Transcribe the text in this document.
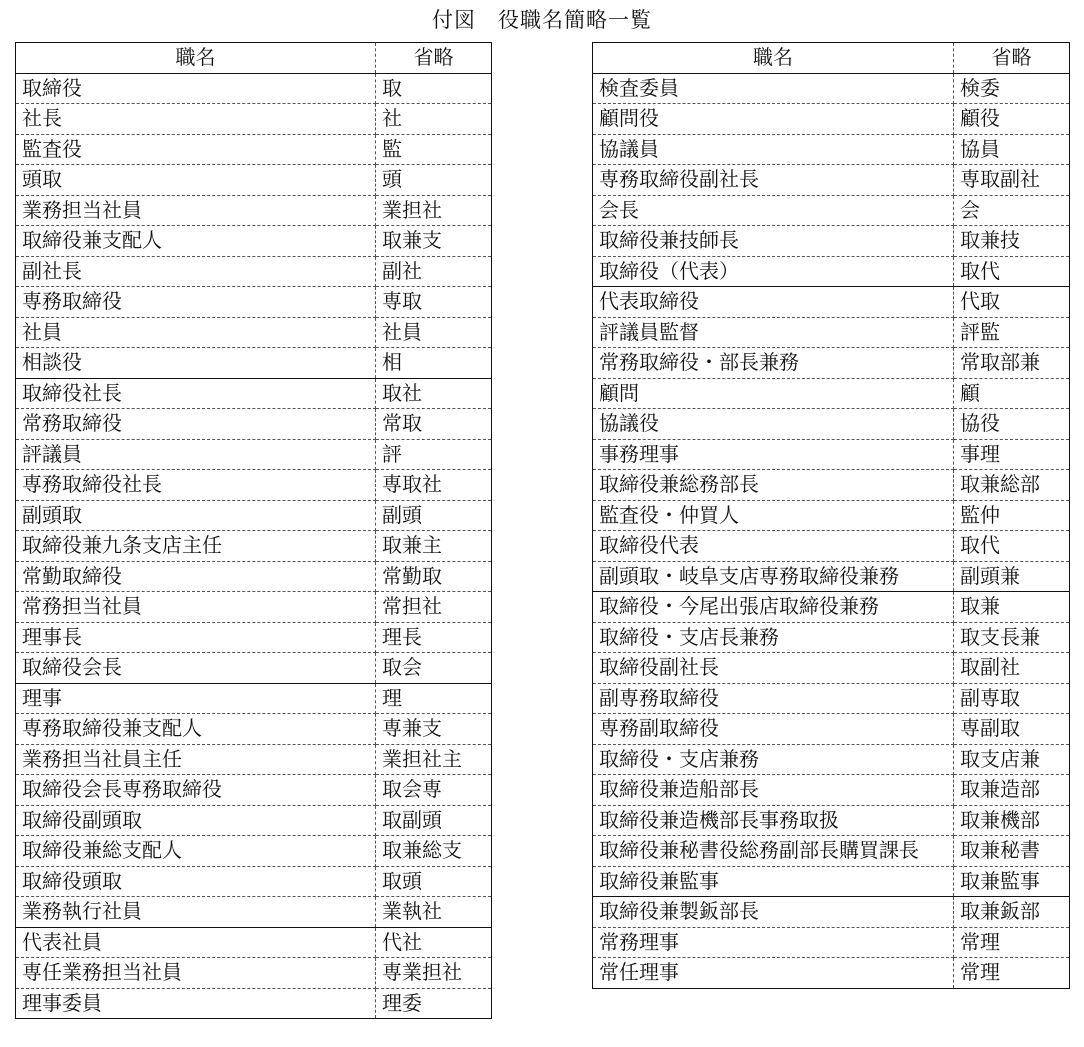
付図　役職名簡略一覧
職名	省略
取締役	取
社長	社
監査役	監
頭取	頭
業務担当社員	業担社
取締役兼支配人	取兼支
副社長	副社
専務取締役	専取
社員	社員
相談役	相
取締役社長	取社
常務取締役	常取
評議員	評
専務取締役社長	専取社
副頭取	副頭
取締役兼九条支店主任	取兼主
常勤取締役	常勤取
常務担当社員	常担社
理事長	理長
取締役会長	取会
理事	理
専務取締役兼支配人	専兼支
業務担当社員主任	業担社主
取締役会長専務取締役	取会専
取締役副頭取	取副頭
取締役兼総支配人	取兼総支
取締役頭取	取頭
業務執行社員	業執社
代表社員	代社
専任業務担当社員	専業担社
理事委員	理委
職名	省略
検査委員	検委
顧問役	顧役
協議員	協員
専務取締役副社長	専取副社
会長	会
取締役兼技師長	取兼技
取締役（代表）	取代
代表取締役	代取
評議員監督	評監
常務取締役・部長兼務	常取部兼
顧問	顧
協議役	協役
事務理事	事理
取締役兼総務部長	取兼総部
監査役・仲買人	監仲
取締役代表	取代
副頭取・岐阜支店専務取締役兼務	副頭兼
取締役・今尾出張店取締役兼務	取兼
取締役・支店長兼務	取支長兼
取締役副社長	取副社
副専務取締役	副専取
専務副取締役	専副取
取締役・支店兼務	取支店兼
取締役兼造船部長	取兼造部
取締役兼造機部長事務取扱	取兼機部
取締役兼秘書役総務副部長購買課長	取兼秘書
取締役兼監事	取兼監事
取締役兼製鈑部長	取兼鈑部
常務理事	常理
常任理事	常理
